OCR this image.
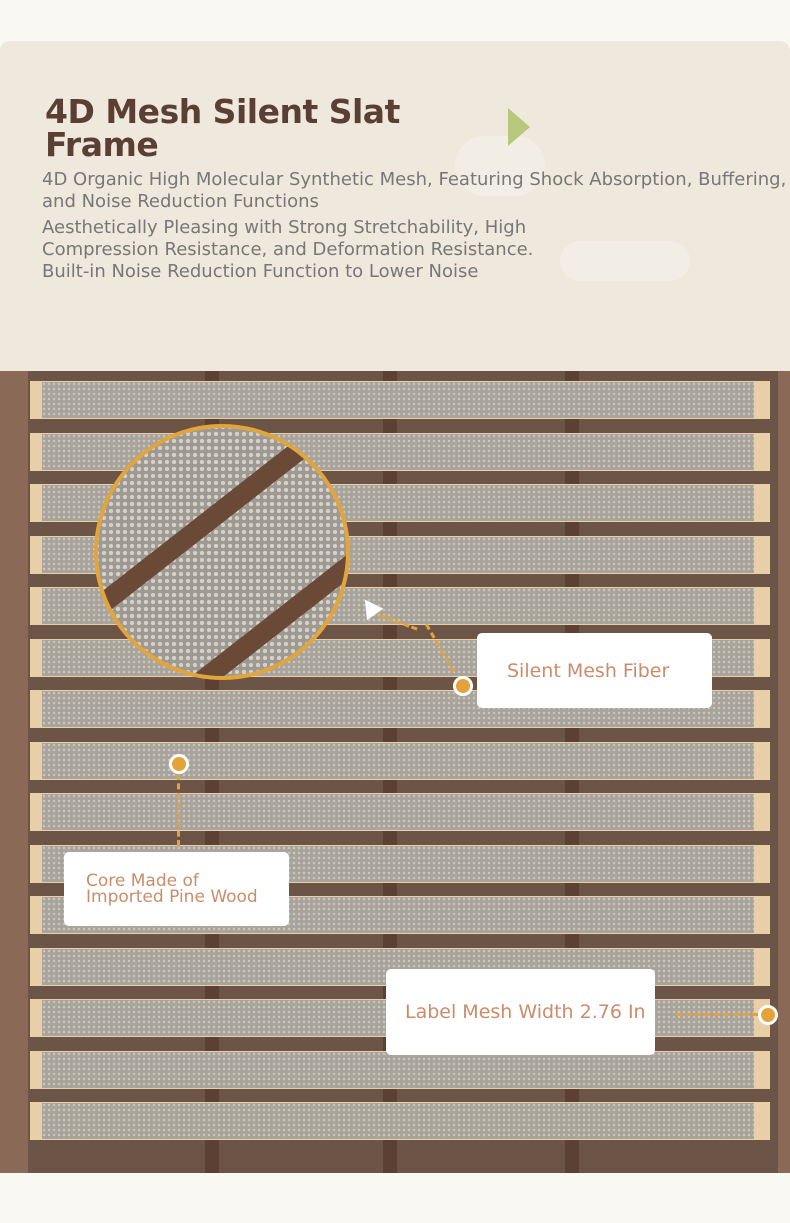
4D Mesh Silent Slat Frame
4D Organic High Molecular Synthetic Mesh, Featuring Shock Absorption, Buffering,
and Noise Reduction Functions
Aesthetically Pleasing with Strong Stretchability, High
Compression Resistance, and Deformation Resistance.
Built-in Noise Reduction Function to Lower Noise
Silent Mesh Fiber
Core Made of
Imported Pine Wood
Label Mesh Width 2.76 In
